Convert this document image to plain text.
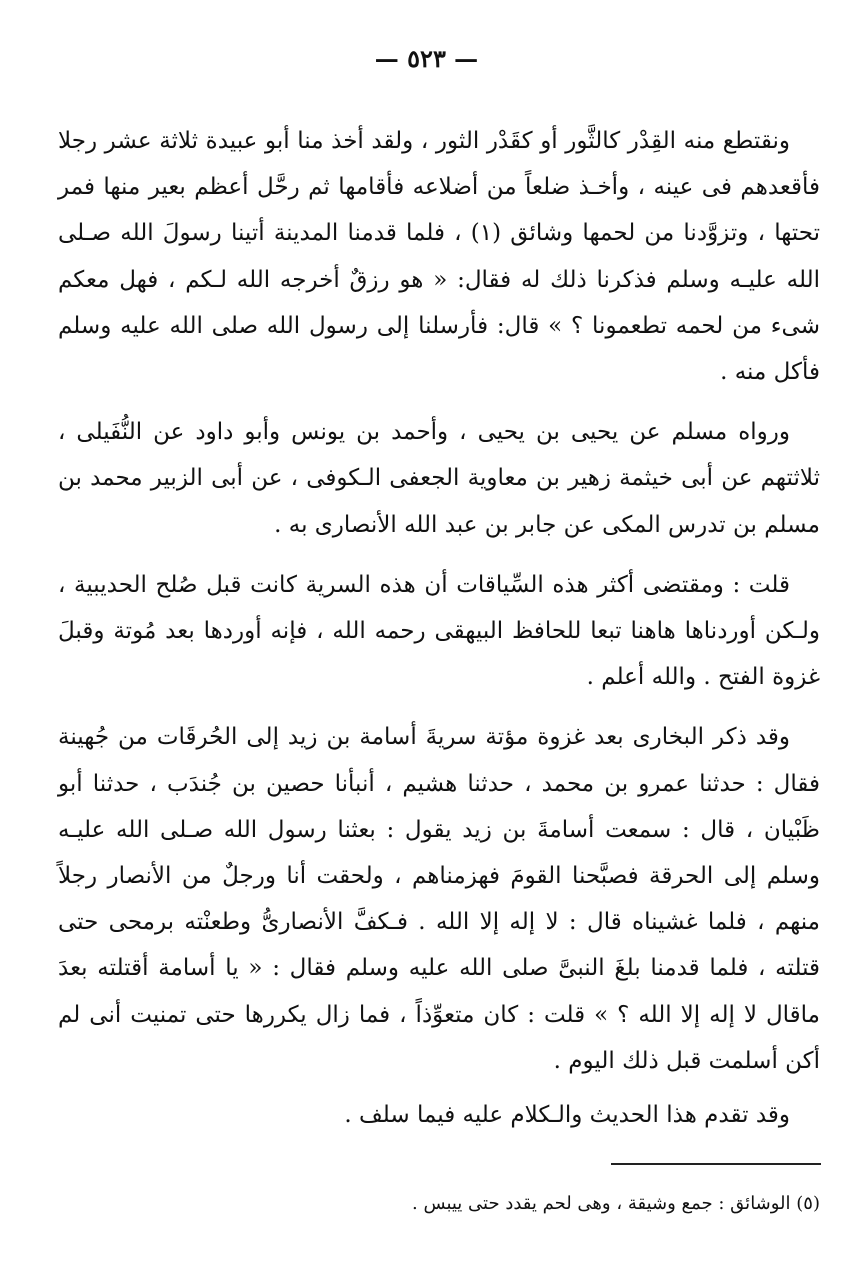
— ٥٢٣ —

ونقتطع منه القِدْر كالثَّور أو كقَدْر الثور ، ولقد أخذ منا أبو عبيدة ثلاثة عشر رجلا فأقعدهم فى عينه ، وأخـذ ضلعاً من أضلاعه فأقامها ثم رحَّل أعظم بعير منها فمر تحتها ، وتزوَّدنا من لحمها وشائق (١) ، فلما قدمنا المدينة أتينا رسولَ الله صـلى الله عليـه وسلم فذكرنا ذلك له فقال: « هو رزقٌ أخرجه الله لـكم ، فهل معكم شىء من لحمه تطعمونا ؟ » قال: فأرسلنا إلى رسول الله صلى الله عليه وسلم فأكل منه .

ورواه مسلم عن يحيى بن يحيى ، وأحمد بن يونس وأبو داود عن النُّفَيلى ، ثلاثتهم عن أبى خيثمة زهير بن معاوية الجعفى الـكوفى ، عن أبى الزبير محمد بن مسلم بن تدرس المكى عن جابر بن عبد الله الأنصارى به .

قلت : ومقتضى أكثر هذه السِّياقات أن هذه السرية كانت قبل صُلح الحديبية ، ولـكن أوردناها هاهنا تبعا للحافظ البيهقى رحمه الله ، فإنه أوردها بعد مُوتة وقبلَ غزوة الفتح . والله أعلم .

وقد ذكر البخارى بعد غزوة مؤتة سريةَ أسامة بن زيد إلى الحُرقَات من جُهينة فقال : حدثنا عمرو بن محمد ، حدثنا هشيم ، أنبأنا حصين بن جُندَب ، حدثنا أبو ظَبْيان ، قال : سمعت أسامةَ بن زيد يقول : بعثنا رسول الله صـلى الله عليـه وسلم إلى الحرقة فصبَّحنا القومَ فهزمناهم ، ولحقت أنا ورجلٌ من الأنصار رجلاً منهم ، فلما غشيناه قال : لا إله إلا الله . فـكفَّ الأنصارىُّ وطعنْته برمحى حتى قتلته ، فلما قدمنا بلغَ النبىَّ صلى الله عليه وسلم فقال : « يا أسامة أقتلته بعدَ ماقال لا إله إلا الله ؟ » قلت : كان متعوِّذاً ، فما زال يكررها حتى تمنيت أنى لم أكن أسلمت قبل ذلك اليوم .

وقد تقدم هذا الحديث والـكلام عليه فيما سلف .

(٥) الوشائق : جمع وشيقة ، وهى لحم يقدد حتى ييبس .
